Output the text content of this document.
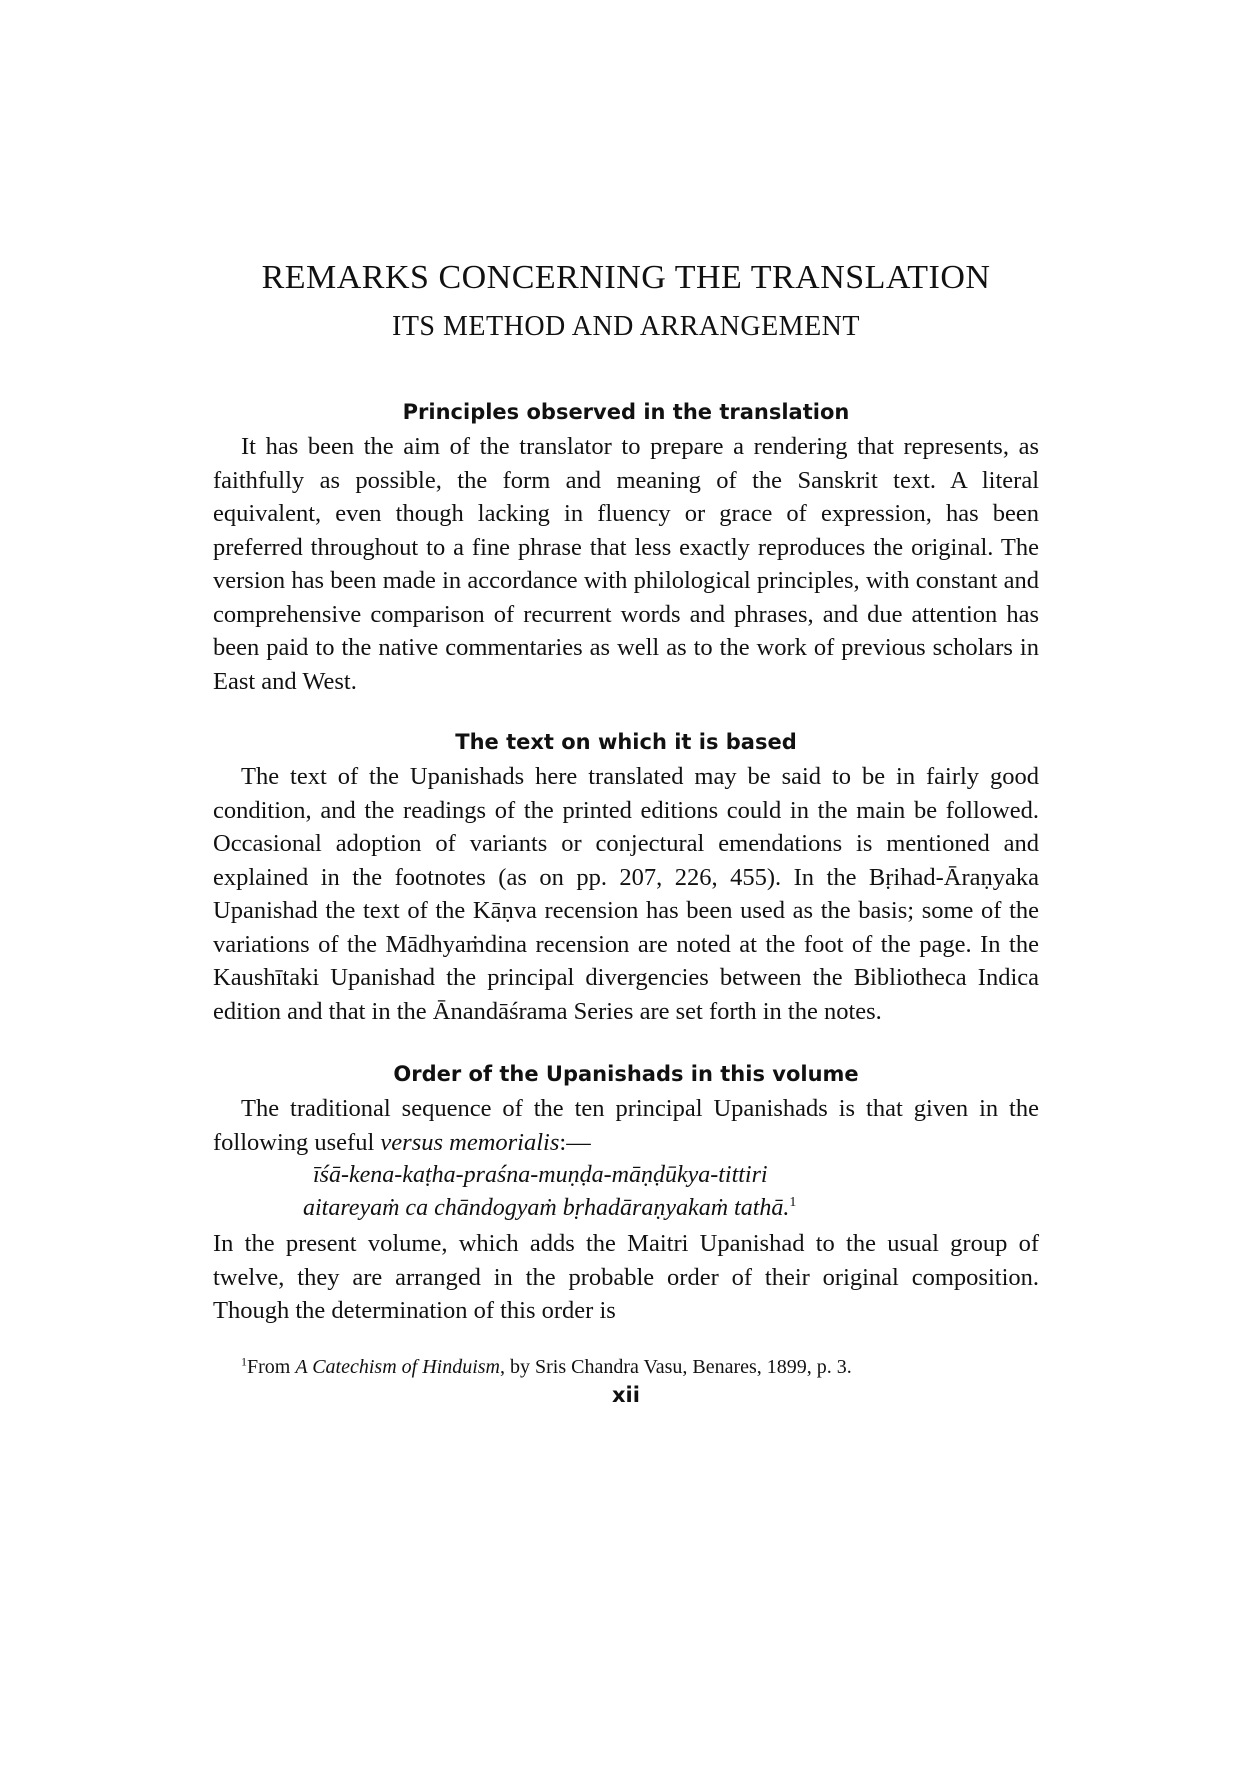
REMARKS CONCERNING THE TRANSLATION
ITS METHOD AND ARRANGEMENT
Principles observed in the translation

It has been the aim of the translator to prepare a rendering that represents, as faithfully as possible, the form and meaning of the Sanskrit text. A literal equivalent, even though lacking in fluency or grace of expression, has been preferred throughout to a fine phrase that less exactly reproduces the original. The version has been made in accordance with philological principles, with constant and comprehensive comparison of recurrent words and phrases, and due attention has been paid to the native commentaries as well as to the work of previous scholars in East and West.

The text on which it is based

The text of the Upanishads here translated may be said to be in fairly good condition, and the readings of the printed editions could in the main be followed. Occasional adoption of variants or conjectural emendations is mentioned and explained in the footnotes (as on pp. 207, 226, 455). In the Bṛihad-Āraṇyaka Upanishad the text of the Kāṇva recension has been used as the basis; some of the variations of the Mādhyaṁdina recension are noted at the foot of the page. In the Kaushītaki Upanishad the principal divergencies between the Bibliotheca Indica edition and that in the Ānandāśrama Series are set forth in the notes.

Order of the Upanishads in this volume

The traditional sequence of the ten principal Upanishads is that given in the following useful versus memorialis:—

īśā-kena-kaṭha-praśna-muṇḍa-māṇḍūkya-tittiri

aitareyaṁ ca chāndogyaṁ bṛhadāraṇyakaṁ tathā.$^1$

In the present volume, which adds the Maitri Upanishad to the usual group of twelve, they are arranged in the probable order of their original composition. Though the determination of this order is

$^1$From A Catechism of Hinduism, by Sris Chandra Vasu, Benares, 1899, p. 3.

xii
